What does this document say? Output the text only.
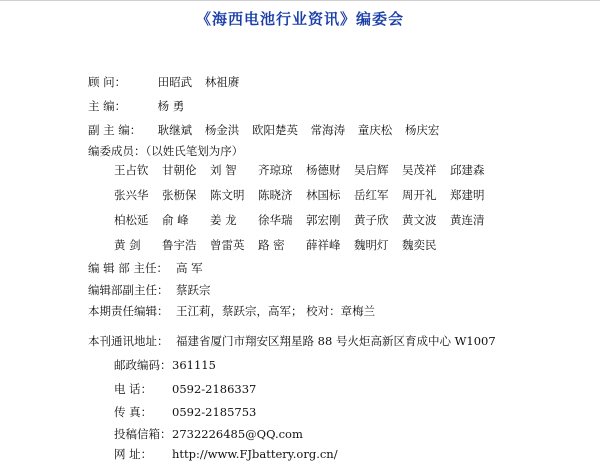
《海西电池行业资讯》编委会
顾 问：	田昭武 林祖赓
主 编：	杨 勇
副 主 编： 耿继斌 杨金洪 欧阳楚英 常海涛 童庆松 杨庆宏
编委成员：（以姓氏笔划为序）
王占钦 甘朝伦 刘 智 齐琼琼 杨德财 吴启辉 吴茂祥 邱建森
张兴华 张枥保 陈文明 陈晓济 林国标 岳红军 周开礼 郑建明
柏松延 俞 峰 姜 龙 徐华瑞 郭宏刚 黄子欣 黄文波 黄连清
黄 剑 鲁宇浩 曾雷英 路 密 薛祥峰 魏明灯 魏奕民
编 辑 部 主任： 高 军
编辑部副主任： 蔡跃宗
本期责任编辑： 王江莉，蔡跃宗，高军； 校对：章梅兰
本刊通讯地址： 福建省厦门市翔安区翔星路 88 号火炬高新区育成中心 W1007
邮政编码：361115
电 话： 0592-2186337
传 真： 0592-2185753
投稿信箱：2732226485@QQ.com
网 址： http://www.FJbattery.org.cn/
